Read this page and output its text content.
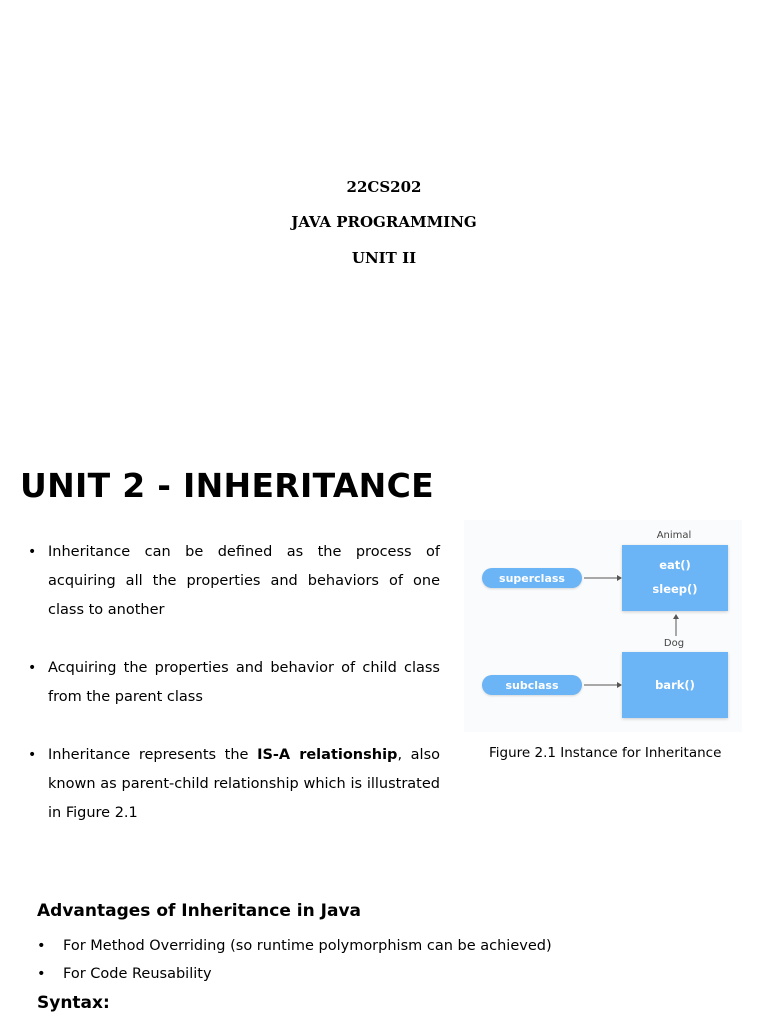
22CS202
JAVA PROGRAMMING
UNIT II
UNIT 2 - INHERITANCE
• Inheritance can be defined as the process of acquiring all the properties and behaviors of one class to another
• Acquiring the properties and behavior of child class from the parent class
• Inheritance represents the IS-A relationship, also known as parent-child relationship which is illustrated in Figure 2.1
Animal
superclass
eat()
sleep()
Dog
subclass	bark()
Figure 2.1 Instance for Inheritance
Advantages of Inheritance in Java
• For Method Overriding (so runtime polymorphism can be achieved)
• For Code Reusability
Syntax:
